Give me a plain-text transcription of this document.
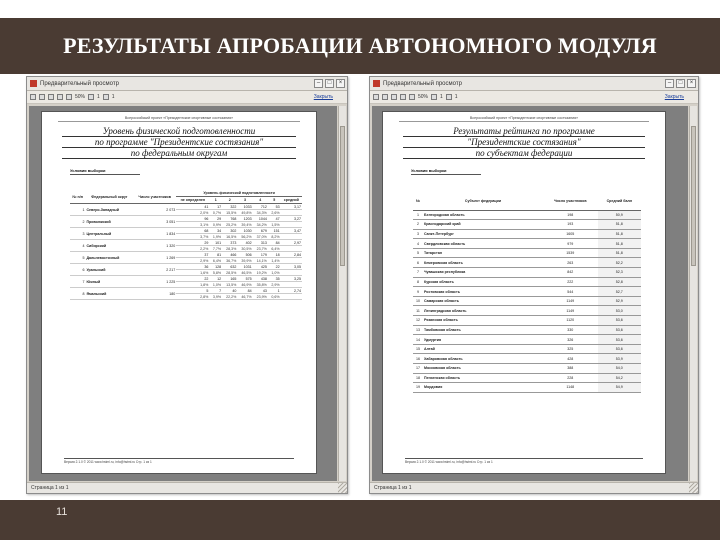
РЕЗУЛЬТАТЫ АПРОБАЦИИ АВТОНОМНОГО МОДУЛЯ
Предварительный просмотр	–	□	×
50% 1 1	Закрыть
Всероссийский проект «Президентские спортивные состязания»
Уровень физической подготовленности
по программе "Президентские состязания"
по федеральным округам
Условия выборки
№ п/п	Федеральный округ	Число участников	Уровень физической подготовленности						
			не определен	1	2	3	4	5	средний
1	Северо-Западный	2 073	41	17	322	1033	712	53	3,17
			2,0%	0,7%	15,5%	49,8%	34,3%	2,6%	
2	Приволжский	3 051	96	29	768	1203	1044	47	3,27
			3,1%	0,9%	25,2%	39,4%	34,2%	1,5%	
3	Центральный	1 834	68	34	302	1030	679	151	3,47
			3,7%	1,9%	16,5%	56,2%	37,0%	8,2%	
4	Сибирский	1 320	29	101	373	402	313	84	2,97
			2,2%	7,7%	28,3%	30,5%	23,7%	6,4%	
5	Дальневосточный	1 269	37	81	466	506	179	18	2,84
			2,9%	6,4%	36,7%	39,9%	14,1%	1,4%	
6	Уральский	2 217	36	128	632	1031	425	22	3,05
			1,6%	5,8%	28,5%	46,5%	19,2%	1,0%	
7	Южный	1 225	22	12	165	575	438	35	3,25
			1,8%	1,0%	13,5%	46,9%	35,8%	2,9%	
8	Ямальский	180	5	7	40	84	43	1	2,74
			2,8%	3,9%	22,2%	46,7%	23,9%	0,6%	
Версия 2.1.0 © 2011 www.hstml.ru, info@hstml.ru Стр. 1 из 1
Страница 1 из 1
Предварительный просмотр	–	□	×
50% 1 1	Закрыть
Всероссийский проект «Президентские спортивные состязания»
Результаты рейтинга по программе
"Президентские состязания"
по субъектам федерации
Условия выборки
№	Субъект федерации	Число участников	Средний балл
1	Белгородская область	198	50,9
2	Краснодарский край	193	51,8
3	Санкт-Петербург	1605	51,8
4	Свердловская область	979	51,8
5	Татарстан	1539	51,8
6	Кемеровская область	263	52,2
7	Чувашская республика	842	52,3
8	Курская область	222	52,8
9	Ростовская область	544	52,7
10	Самарская область	1149	52,9
11	Ленинградская область	1149	53,0
12	Рязанская область	1120	53,6
13	Тамбовская область	330	53,6
14	Удмуртия	326	53,6
15	Алтай	325	53,6
16	Хабаровская область	428	53,9
17	Московская область	388	54,0
18	Пензенская область	228	54,2
19	Мордовия	1148	54,9
Версия 2.1.0 © 2011 www.hstml.ru, info@hstml.ru Стр. 1 из 1
Страница 1 из 1
11
